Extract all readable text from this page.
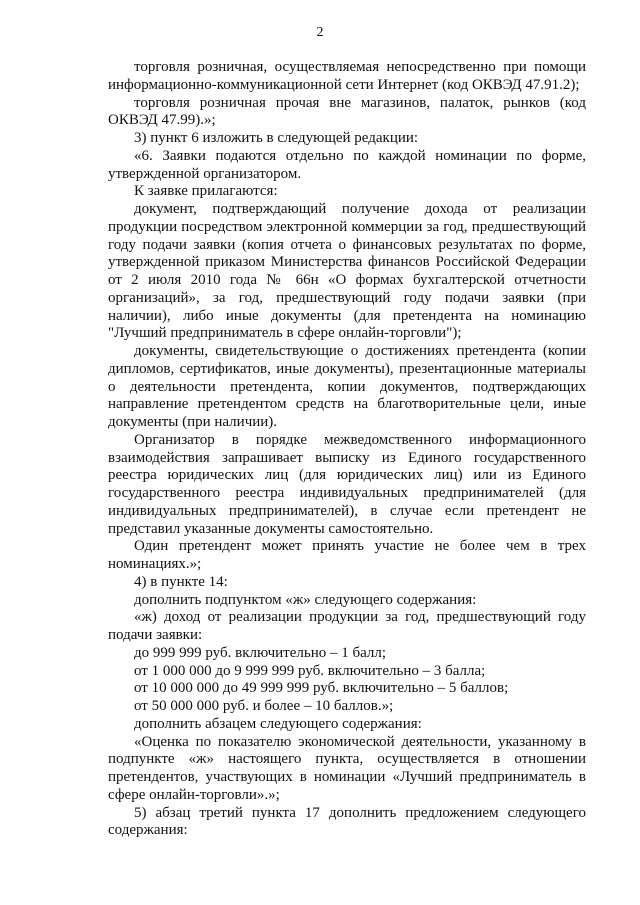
2

торговля розничная, осуществляемая непосредственно при помощи информационно-коммуникационной сети Интернет (код ОКВЭД 47.91.2);

торговля розничная прочая вне магазинов, палаток, рынков (код ОКВЭД 47.99).»;

3) пункт 6 изложить в следующей редакции:

«6. Заявки подаются отдельно по каждой номинации по форме, утвержденной организатором.

К заявке прилагаются:

документ, подтверждающий получение дохода от реализации продукции посредством электронной коммерции за год, предшествующий году подачи заявки (копия отчета о финансовых результатах по форме, утвержденной приказом Министерства финансов Российской Федерации от 2 июля 2010 года № 66н «О формах бухгалтерской отчетности организаций», за год, предшествующий году подачи заявки (при наличии), либо иные документы (для претендента на номинацию "Лучший предприниматель в сфере онлайн-торговли");

документы, свидетельствующие о достижениях претендента (копии дипломов, сертификатов, иные документы), презентационные материалы о деятельности претендента, копии документов, подтверждающих направление претендентом средств на благотворительные цели, иные документы (при наличии).

Организатор в порядке межведомственного информационного взаимодействия запрашивает выписку из Единого государственного реестра юридических лиц (для юридических лиц) или из Единого государственного реестра индивидуальных предпринимателей (для индивидуальных предпринимателей), в случае если претендент не представил указанные документы самостоятельно.

Один претендент может принять участие не более чем в трех номинациях.»;

4) в пункте 14:

дополнить подпунктом «ж» следующего содержания:

«ж) доход от реализации продукции за год, предшествующий году подачи заявки:

до 999 999 руб. включительно – 1 балл;

от 1 000 000 до 9 999 999 руб. включительно – 3 балла;

от 10 000 000 до 49 999 999 руб. включительно – 5 баллов;

от 50 000 000 руб. и более – 10 баллов.»;

дополнить абзацем следующего содержания:

«Оценка по показателю экономической деятельности, указанному в подпункте «ж» настоящего пункта, осуществляется в отношении претендентов, участвующих в номинации «Лучший предприниматель в сфере онлайн-торговли».»;

5) абзац третий пункта 17 дополнить предложением следующего содержания:
